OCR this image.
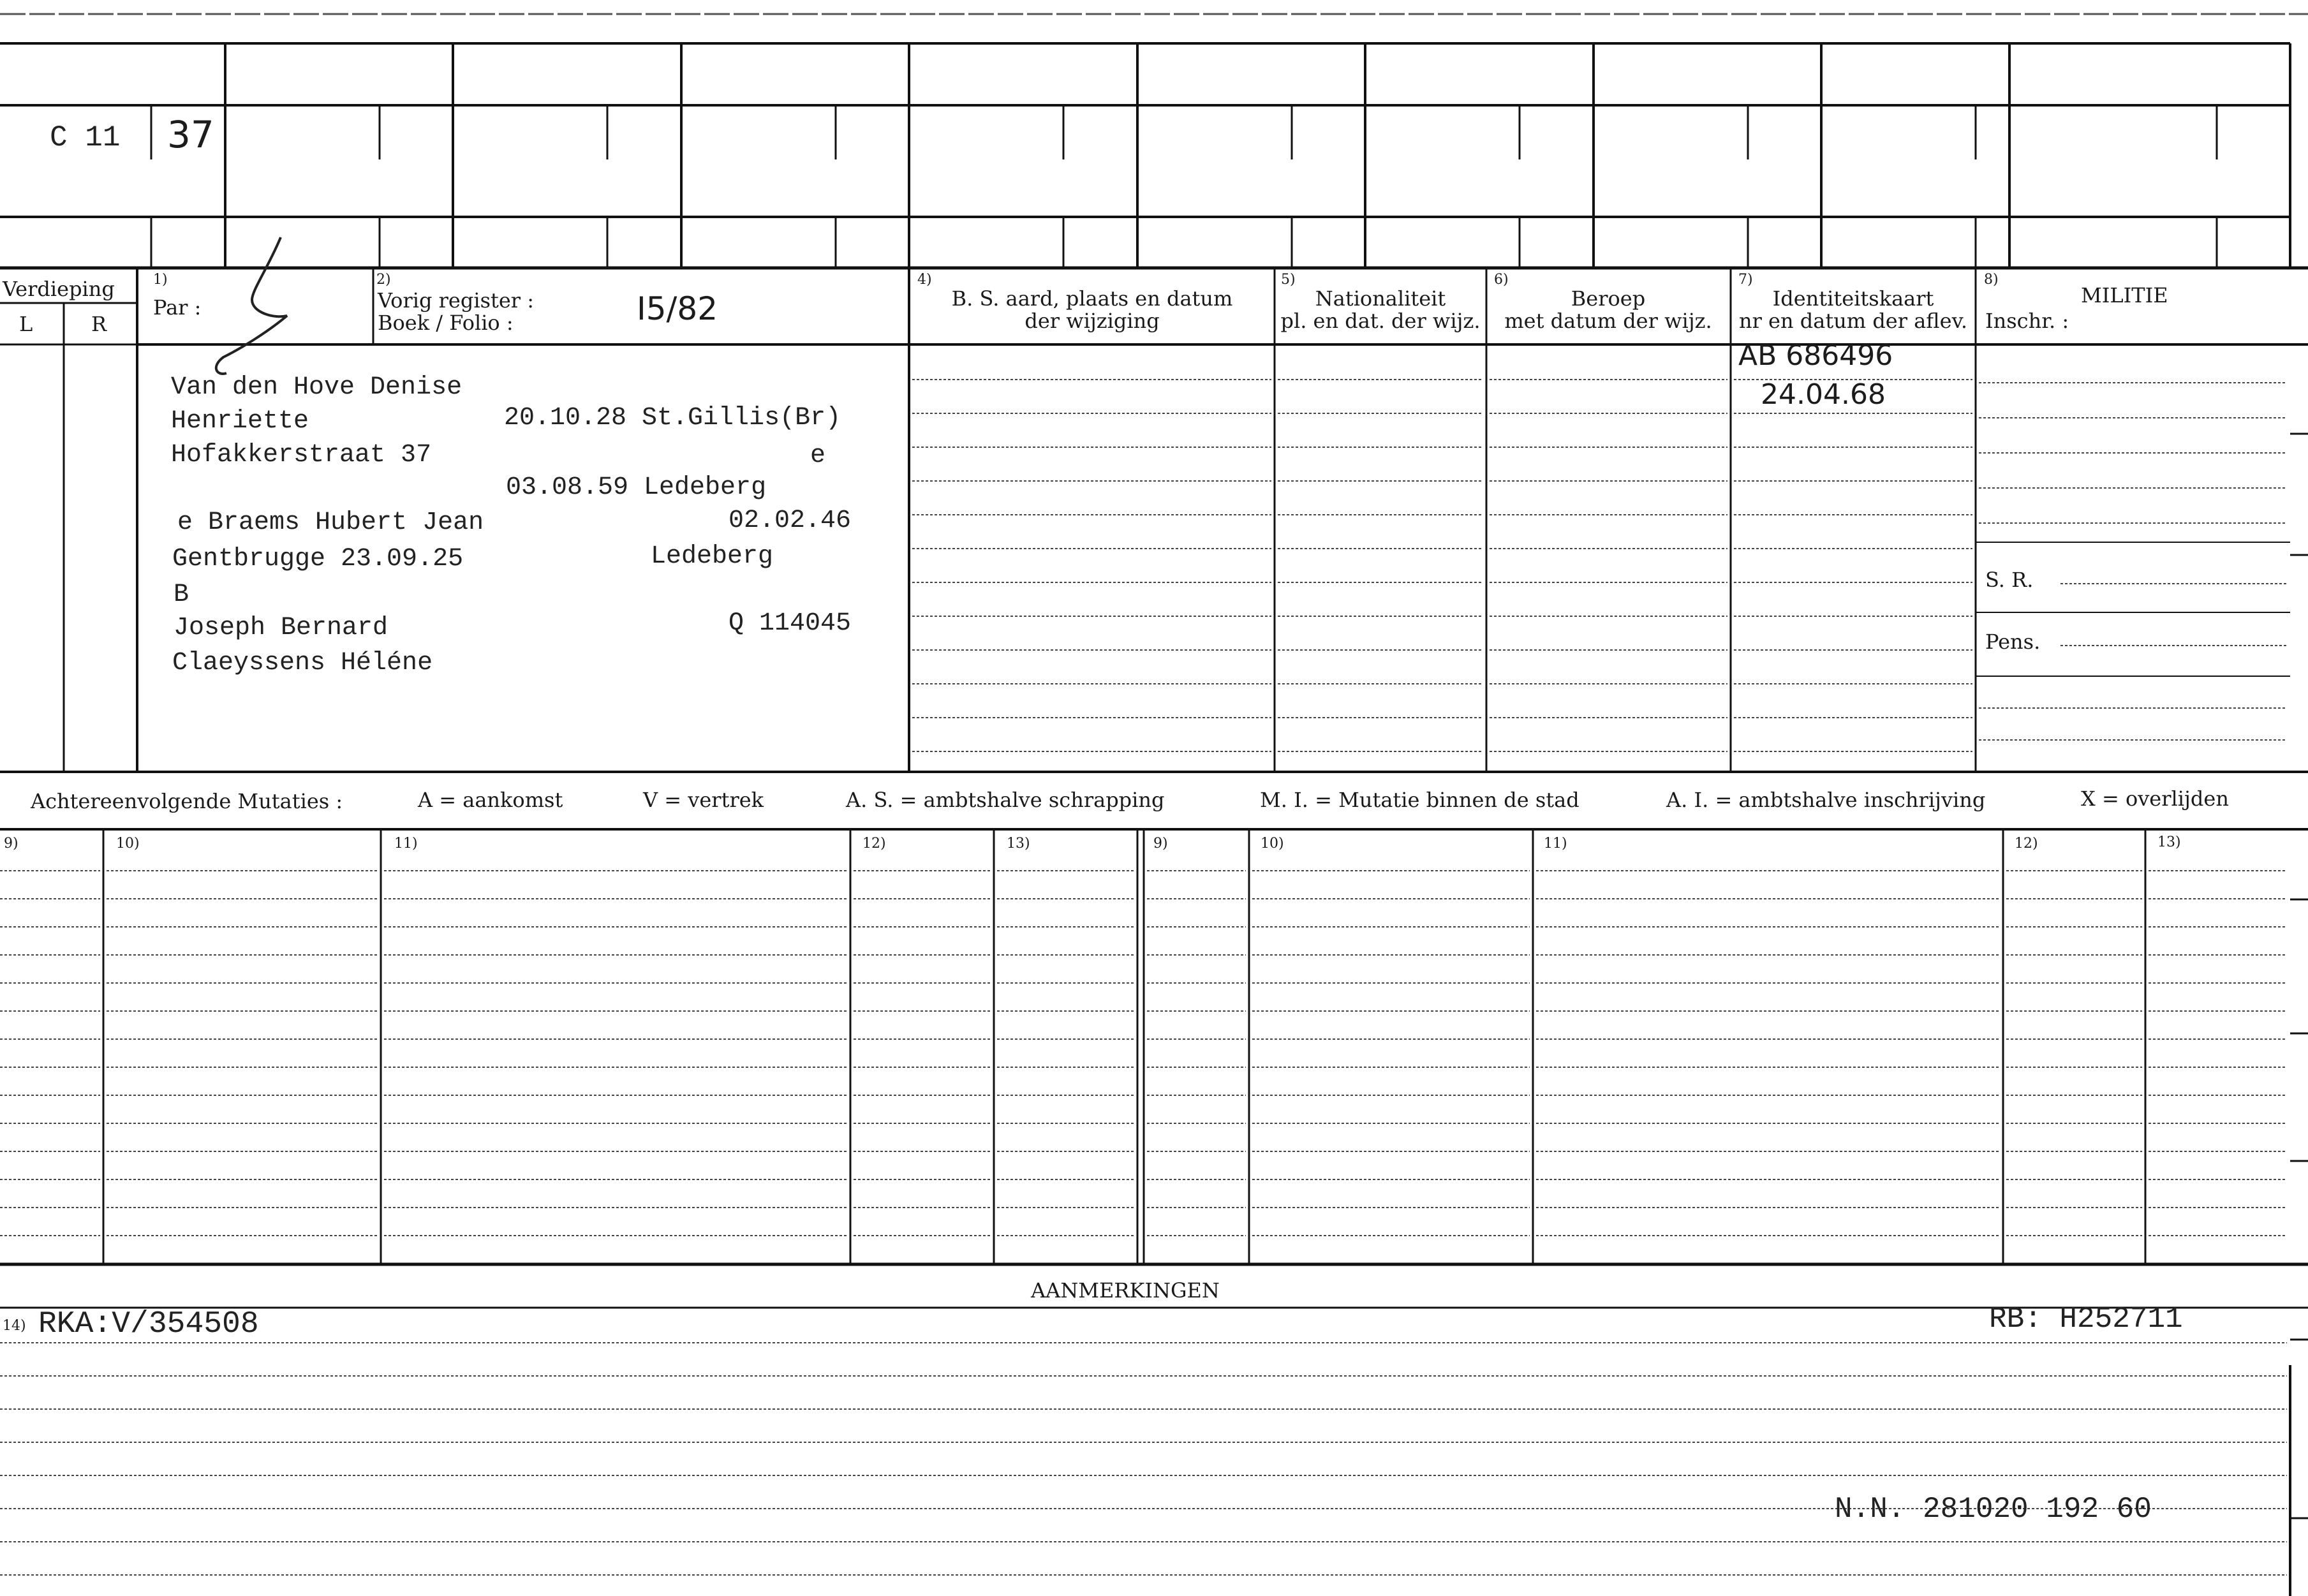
C 11 37
Verdieping
L	R
1)
Par :
2)
Vorig register :
Boek / Folio :	I5/82
4)
B. S. aard, plaats en datum
der wijziging
5)
Nationaliteit
pl. en dat. der wijz.
6)
Beroep
met datum der wijz.
7)
Identiteitskaart
nr en datum der aflev.
8)
MILITIE
Inschr. :
Van den Hove Denise
Henriette	20.10.28 St.Gillis(Br)
Hofakkerstraat 37	e
03.08.59 Ledeberg
e Braems Hubert Jean	02.02.46
Gentbrugge 23.09.25	Ledeberg
B
Joseph Bernard	Q 114045
Claeyssens Héléne
AB 686496
24.04.68
S. R.
Pens.
Achtereenvolgende Mutaties :	A = aankomst	V = vertrek	A. S. = ambtshalve schrapping	M. I. = Mutatie binnen de stad	A. I. = ambtshalve inschrijving	X = overlijden
9)	10)	11)	12)	13)	9)	10)	11)	12)	13)
AANMERKINGEN
14) RKA:V/354508	RB: H252711
N.N. 281020 192 60
